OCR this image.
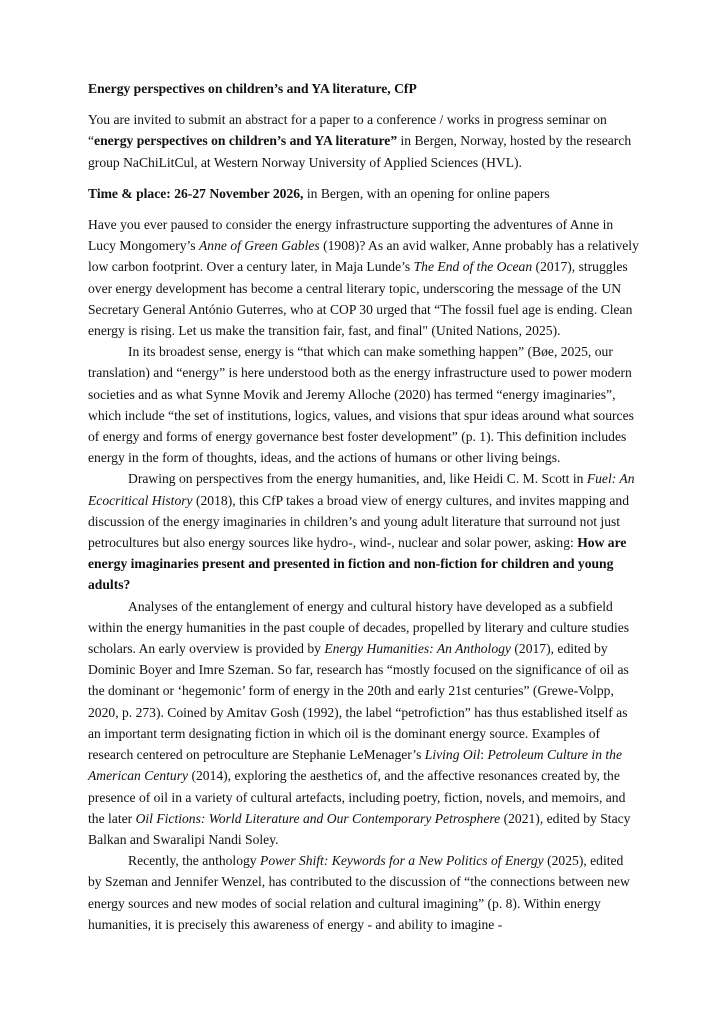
Energy perspectives on children’s and YA literature, CfP

You are invited to submit an abstract for a paper to a conference / works in progress seminar on “energy perspectives on children’s and YA literature” in Bergen, Norway, hosted by the research group NaChiLitCul, at Western Norway University of Applied Sciences (HVL).

Time & place: 26-27 November 2026, in Bergen, with an opening for online papers

Have you ever paused to consider the energy infrastructure supporting the adventures of Anne in Lucy Mongomery’s Anne of Green Gables (1908)? As an avid walker, Anne probably has a relatively low carbon footprint. Over a century later, in Maja Lunde’s The End of the Ocean (2017), struggles over energy development has become a central literary topic, underscoring the message of the UN Secretary General António Guterres, who at COP 30 urged that “The fossil fuel age is ending. Clean energy is rising. Let us make the transition fair, fast, and final" (United Nations, 2025).

In its broadest sense, energy is “that which can make something happen” (Bøe, 2025, our translation) and “energy” is here understood both as the energy infrastructure used to power modern societies and as what Synne Movik and Jeremy Alloche (2020) has termed “energy imaginaries”, which include “the set of institutions, logics, values, and visions that spur ideas around what sources of energy and forms of energy governance best foster development” (p. 1). This definition includes energy in the form of thoughts, ideas, and the actions of humans or other living beings.

Drawing on perspectives from the energy humanities, and, like Heidi C. M. Scott in Fuel: An Ecocritical History (2018), this CfP takes a broad view of energy cultures, and invites mapping and discussion of the energy imaginaries in children’s and young adult literature that surround not just petrocultures but also energy sources like hydro-, wind-, nuclear and solar power, asking: How are energy imaginaries present and presented in fiction and non-fiction for children and young adults?

Analyses of the entanglement of energy and cultural history have developed as a subfield within the energy humanities in the past couple of decades, propelled by literary and culture studies scholars. An early overview is provided by Energy Humanities: An Anthology (2017), edited by Dominic Boyer and Imre Szeman. So far, research has “mostly focused on the significance of oil as the dominant or ‘hegemonic’ form of energy in the 20th and early 21st centuries” (Grewe-Volpp, 2020, p. 273). Coined by Amitav Gosh (1992), the label “petrofiction” has thus established itself as an important term designating fiction in which oil is the dominant energy source. Examples of research centered on petroculture are Stephanie LeMenager’s Living Oil: Petroleum Culture in the American Century (2014), exploring the aesthetics of, and the affective resonances created by, the presence of oil in a variety of cultural artefacts, including poetry, fiction, novels, and memoirs, and the later Oil Fictions: World Literature and Our Contemporary Petrosphere (2021), edited by Stacy Balkan and Swaralipi Nandi Soley.

Recently, the anthology Power Shift: Keywords for a New Politics of Energy (2025), edited by Szeman and Jennifer Wenzel, has contributed to the discussion of “the connections between new energy sources and new modes of social relation and cultural imagining” (p. 8). Within energy humanities, it is precisely this awareness of energy - and ability to imagine -
